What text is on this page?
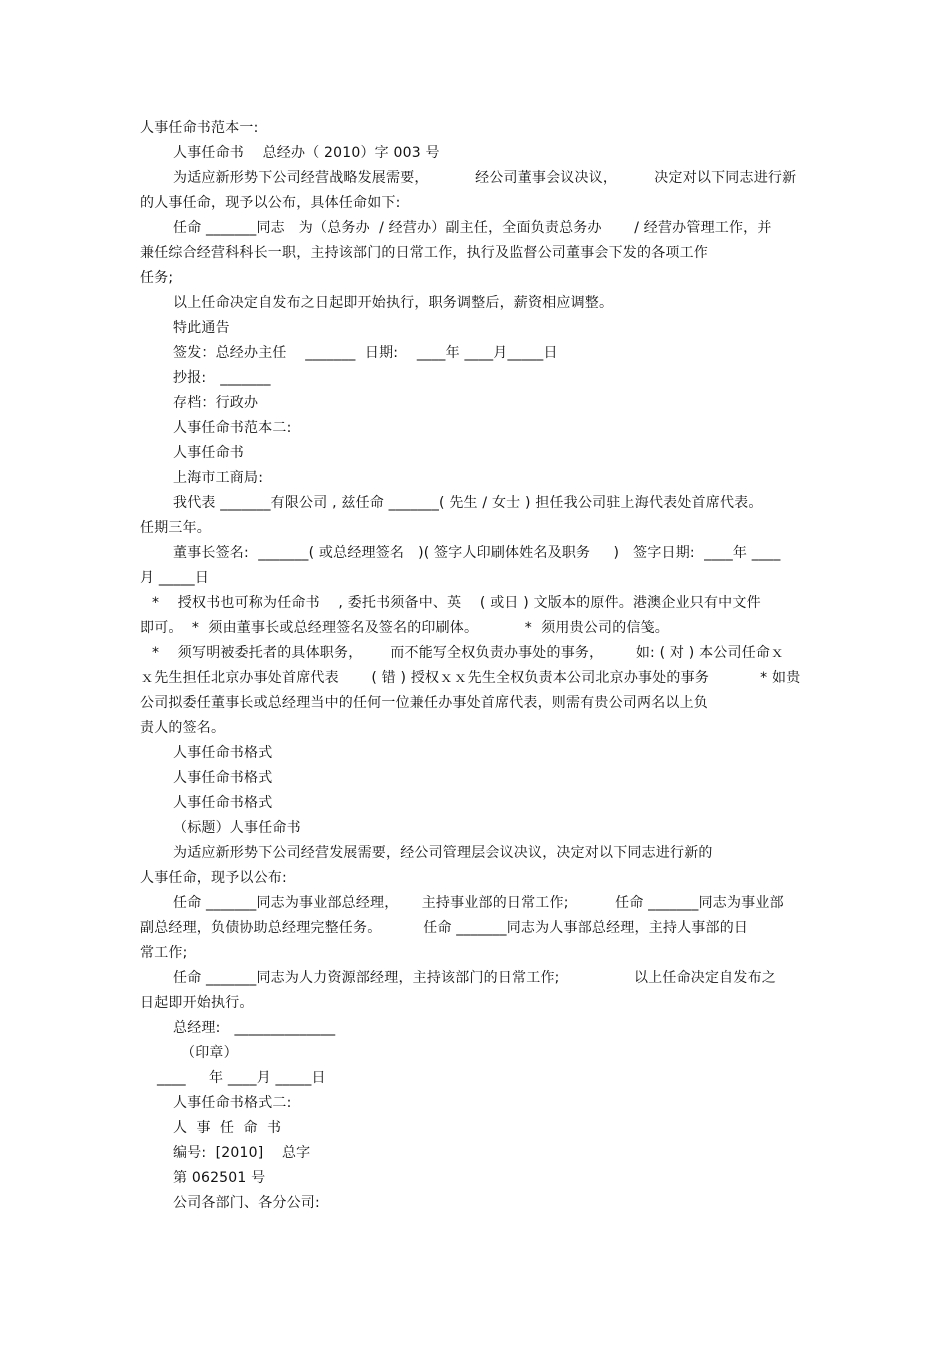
人事任命书范本一:
人事任命书    总经办（ 2010）字 003 号
为适应新形势下公司经营战略发展需要，          经公司董事会议决议，        决定对以下同志进行新
的人事任命，现予以公布，具体任命如下:
任命 _______同志   为（总务办  / 经营办）副主任，全面负责总务办       / 经营办管理工作，并
兼任综合经营科科长一职，主持该部门的日常工作，执行及监督公司董事会下发的各项工作
任务;
以上任命决定自发布之日起即开始执行，职务调整后，薪资相应调整。
特此通告
签发：总经办主任    _______  日期:    ____年 ____月_____日
抄报:   _______
存档：行政办
人事任命书范本二:
人事任命书
上海市工商局:
我代表 _______有限公司 , 兹任命 _______( 先生 / 女士 ) 担任我公司驻上海代表处首席代表。
任期三年。
董事长签名:  _______( 或总经理签名   )( 签字人印刷体姓名及职务     )   签字日期:  ____年 ____
月 _____日
*    授权书也可称为任命书    , 委托书须备中、英    ( 或日 ) 文版本的原件。港澳企业只有中文件
即可。  *  须由董事长或总经理签名及签名的印刷体。          *  须用贵公司的信笺。
*    须写明被委托者的具体职务，      而不能写全权负责办事处的事务，       如: ( 对 ) 本公司任命ｘ
ｘ先生担任北京办事处首席代表       ( 错 ) 授权ｘｘ先生全权负责本公司北京办事处的事务           * 如贵
公司拟委任董事长或总经理当中的任何一位兼任办事处首席代表，则需有贵公司两名以上负
责人的签名。
人事任命书格式
人事任命书格式
人事任命书格式
（标题）人事任命书
为适应新形势下公司经营发展需要，经公司管理层会议决议，决定对以下同志进行新的
人事任命，现予以公布:
任命 _______同志为事业部总经理，     主持事业部的日常工作;          任命 _______同志为事业部
副总经理，负债协助总经理完整任务。         任命 _______同志为人事部总经理，主持人事部的日
常工作;
任命 _______同志为人力资源部经理，主持该部门的日常工作;                以上任命决定自发布之
日起即开始执行。
总经理:   ______________
（印章）
____     年 ____月 _____日
人事任命书格式二:
人  事  任  命  书
编号:  [2010]    总字
第 062501 号
公司各部门、各分公司:
